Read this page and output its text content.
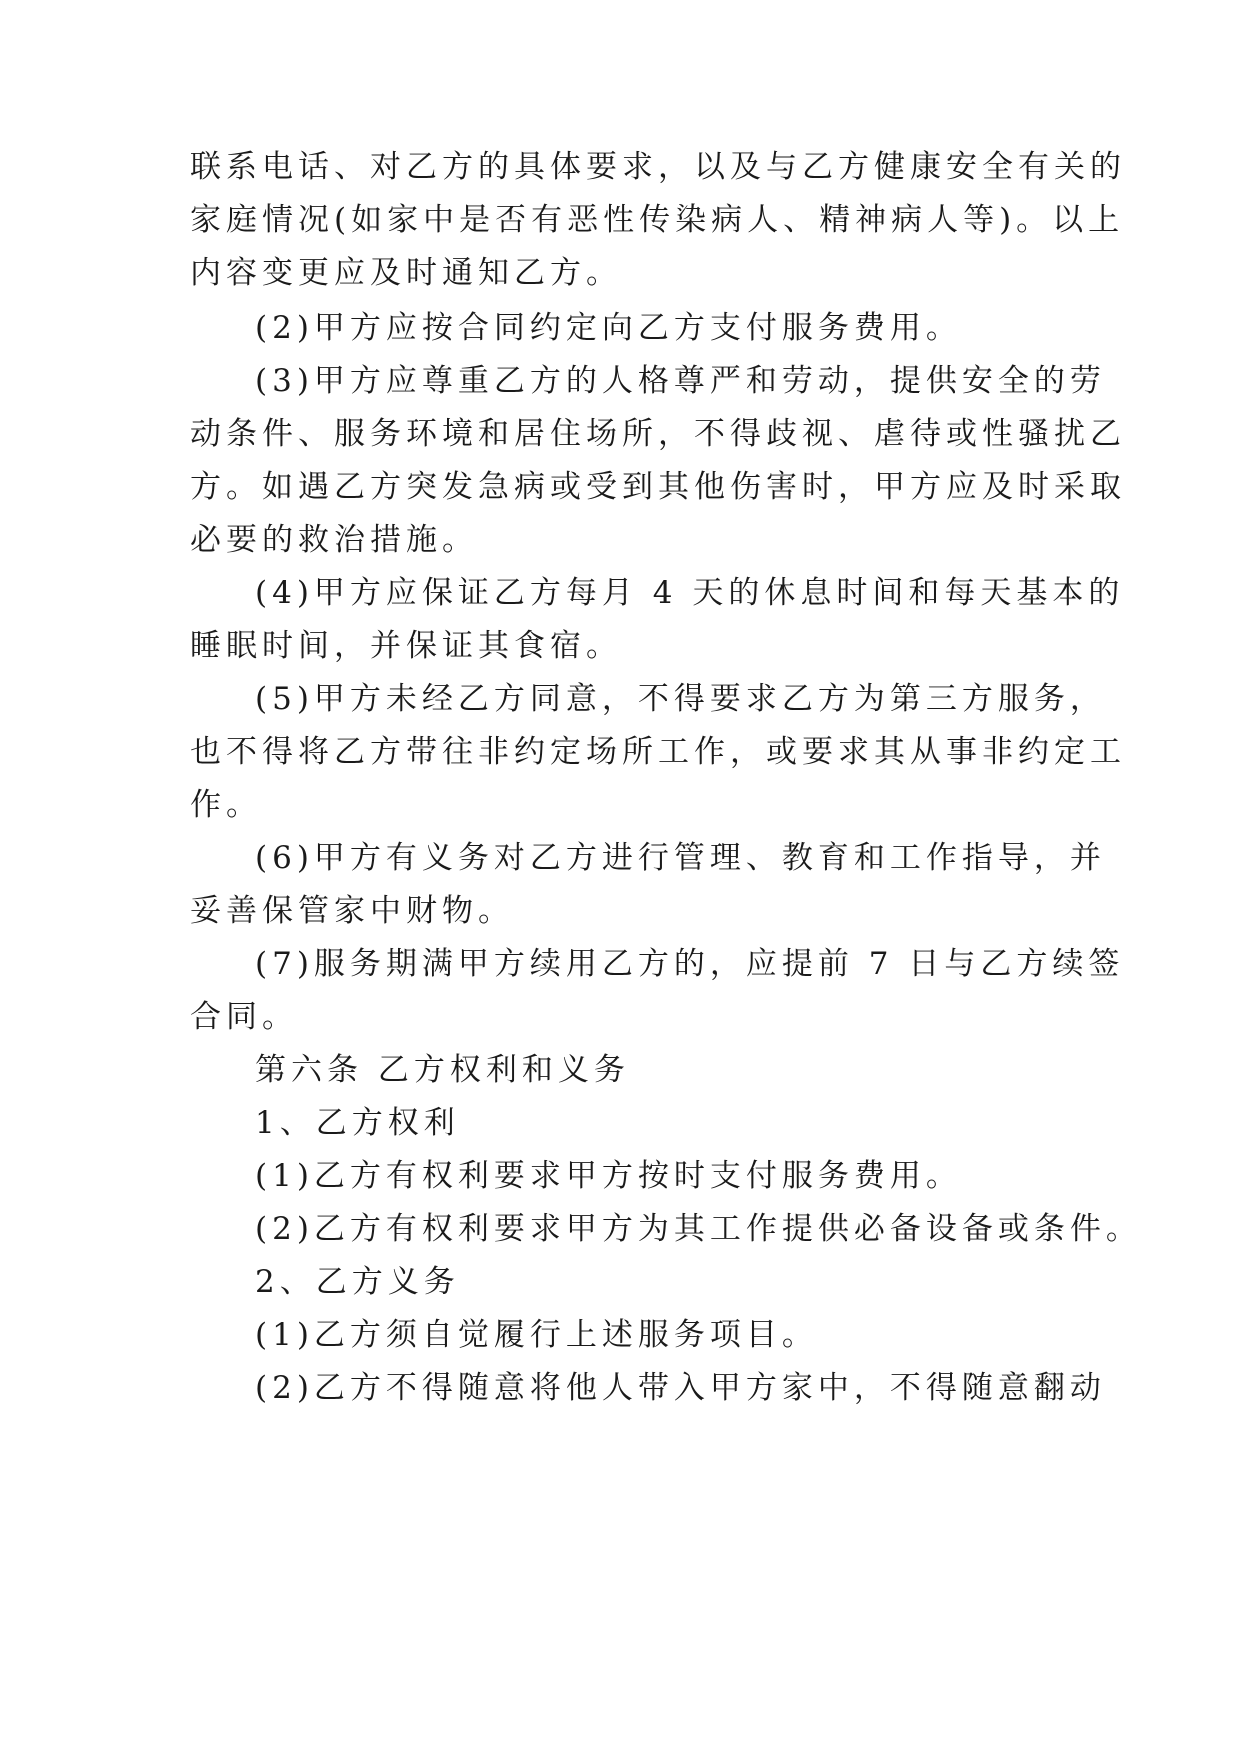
联系电话、对乙方的具体要求，以及与乙方健康安全有关的
家庭情况(如家中是否有恶性传染病人、精神病人等)。以上
内容变更应及时通知乙方。
(2)甲方应按合同约定向乙方支付服务费用。
(3)甲方应尊重乙方的人格尊严和劳动，提供安全的劳
动条件、服务环境和居住场所，不得歧视、虐待或性骚扰乙
方。如遇乙方突发急病或受到其他伤害时，甲方应及时采取
必要的救治措施。
(4)甲方应保证乙方每月 4 天的休息时间和每天基本的
睡眠时间，并保证其食宿。
(5)甲方未经乙方同意，不得要求乙方为第三方服务，
也不得将乙方带往非约定场所工作，或要求其从事非约定工
作。
(6)甲方有义务对乙方进行管理、教育和工作指导，并
妥善保管家中财物。
(7)服务期满甲方续用乙方的，应提前 7 日与乙方续签
合同。
第六条 乙方权利和义务
1、乙方权利
(1)乙方有权利要求甲方按时支付服务费用。
(2)乙方有权利要求甲方为其工作提供必备设备或条件。
2、乙方义务
(1)乙方须自觉履行上述服务项目。
(2)乙方不得随意将他人带入甲方家中，不得随意翻动
